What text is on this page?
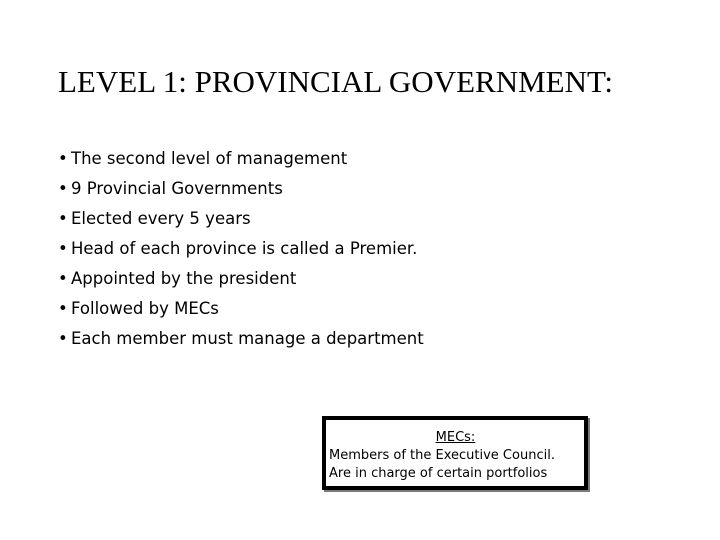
LEVEL 1: PROVINCIAL GOVERNMENT:
• The second level of management
• 9 Provincial Governments
• Elected every 5 years
• Head of each province is called a Premier.
• Appointed by the president
• Followed by MECs
• Each member must manage a department
MECs:
Members of the Executive Council.
Are in charge of certain portfolios
